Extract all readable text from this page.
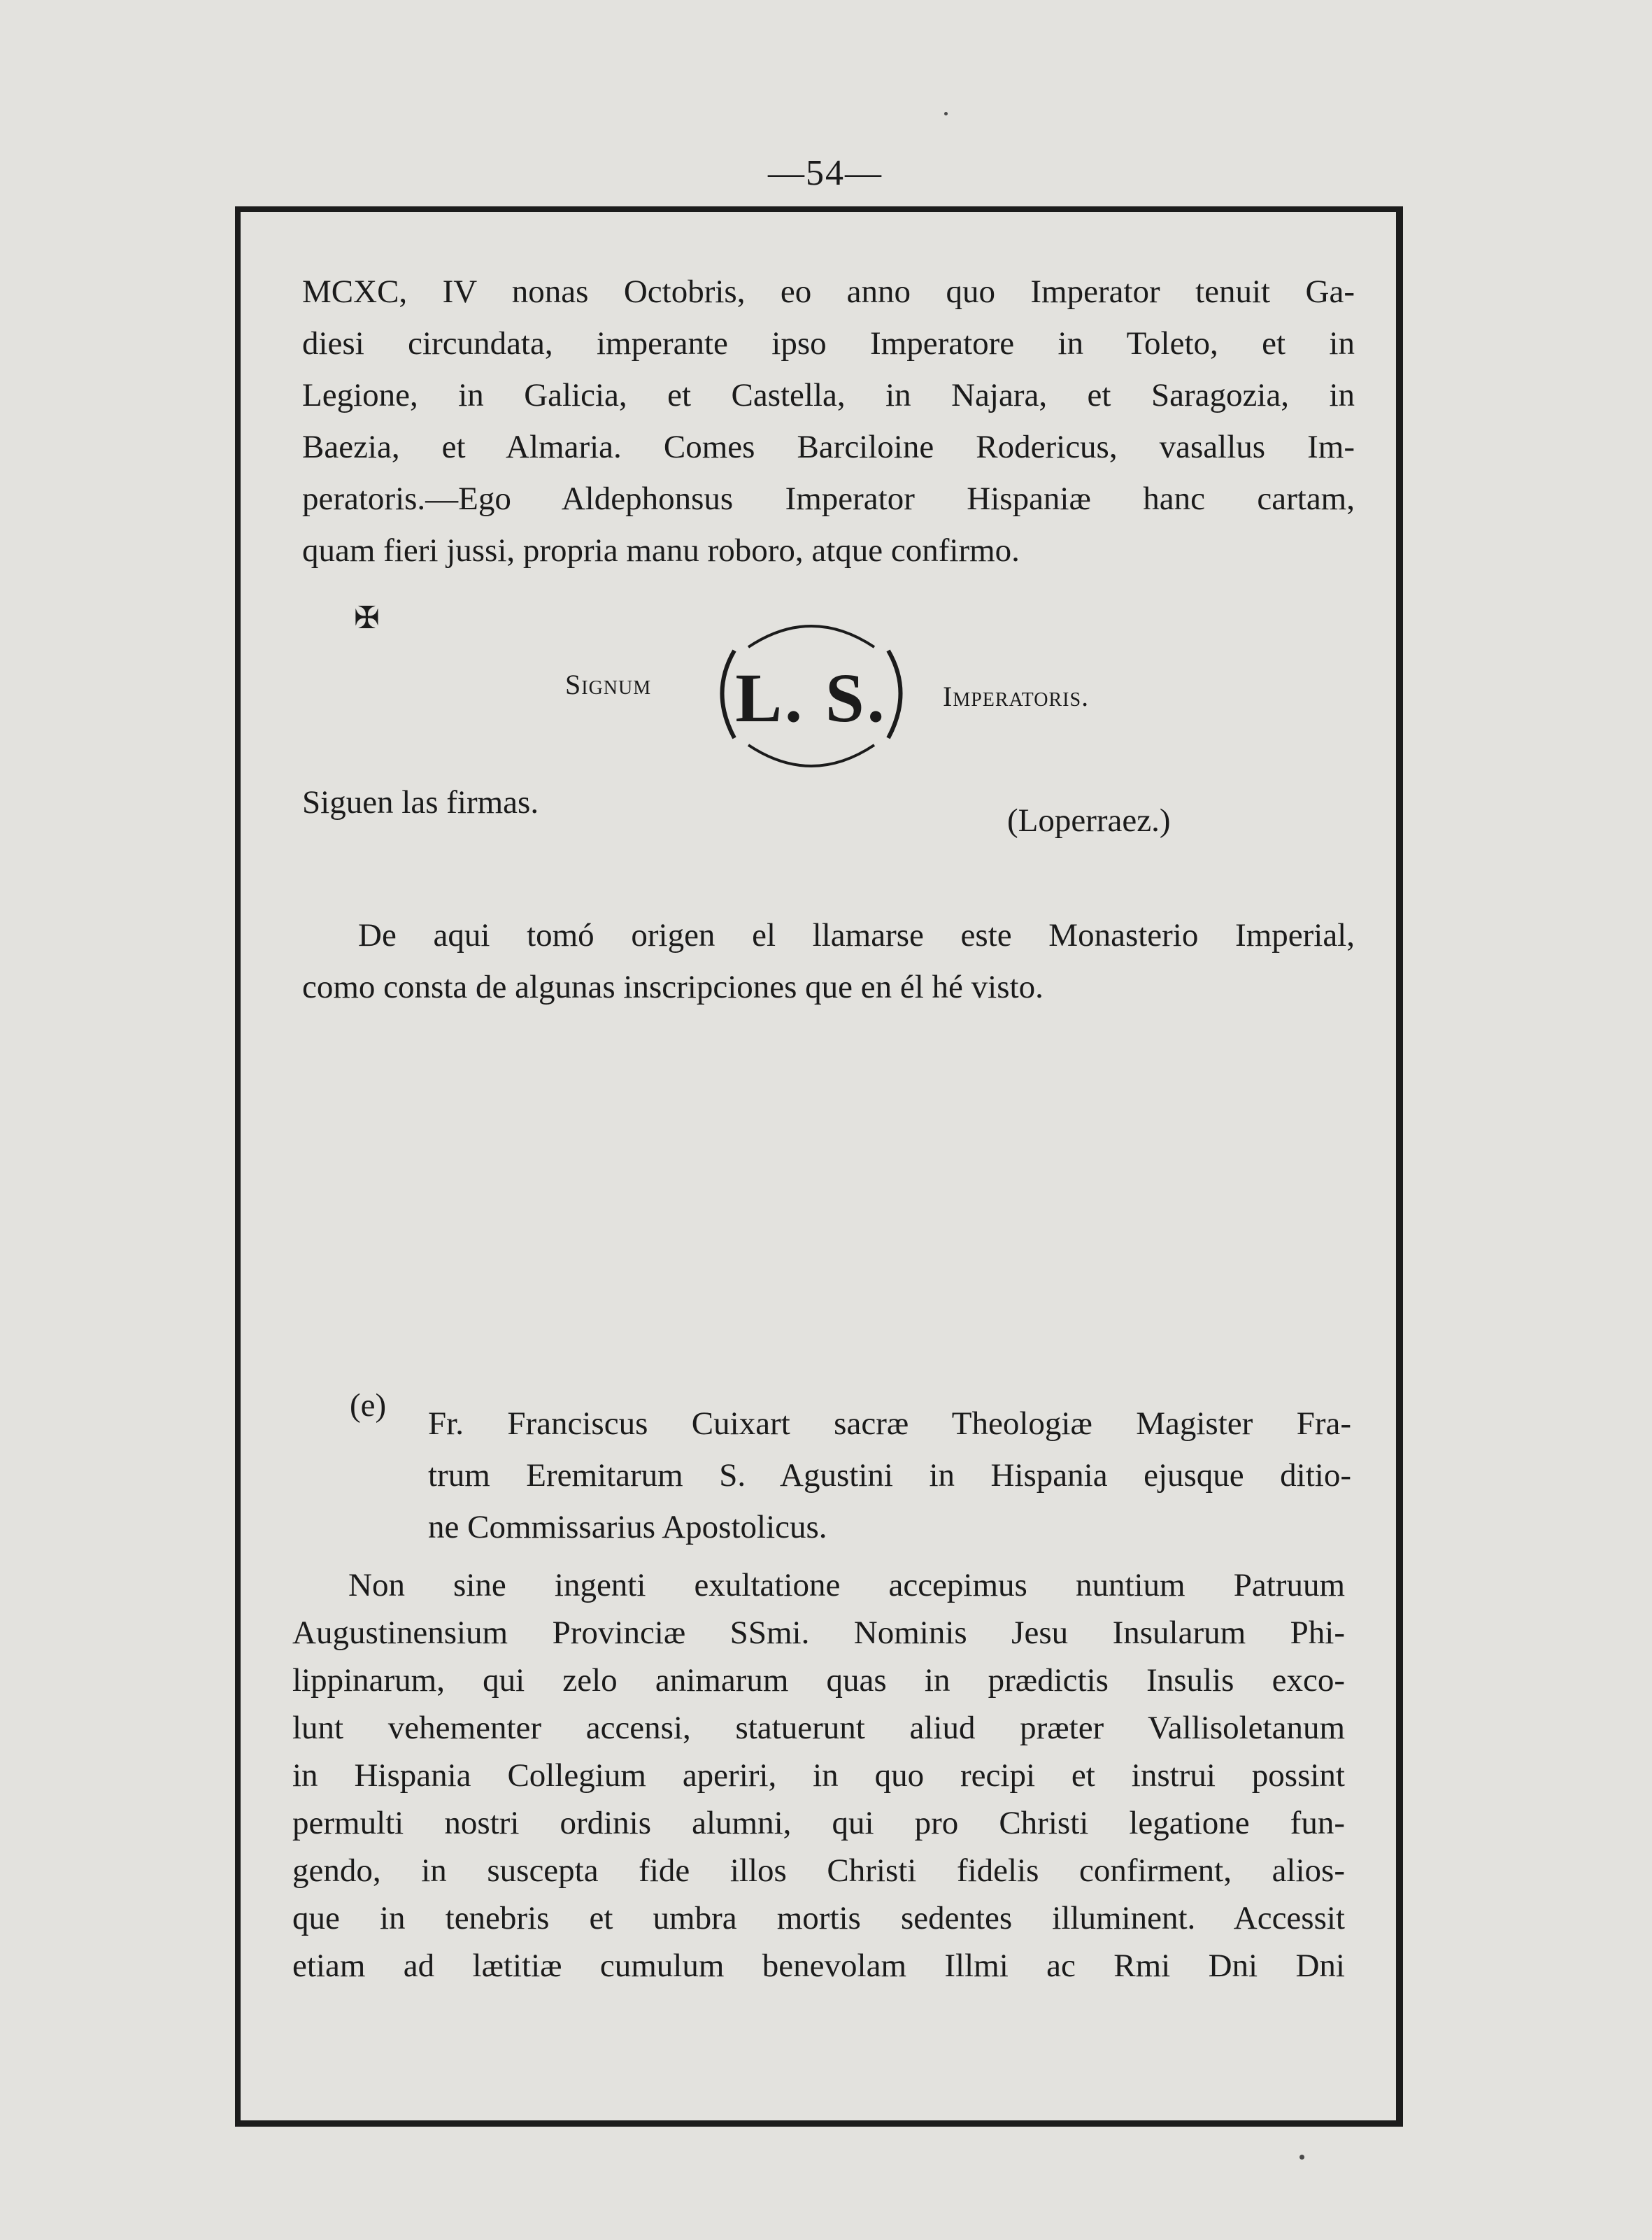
—54—
MCXC, IV nonas Octobris, eo anno quo Imperator tenuit Ga-
diesi circundata, imperante ipso Imperatore in Toleto, et in
Legione, in Galicia, et Castella, in Najara, et Saragozia, in
Baezia, et Almaria. Comes Barciloine Rodericus, vasallus Im-
peratoris.—Ego Aldephonsus Imperator Hispaniæ hanc cartam,
quam fieri jussi, propria manu roboro, atque confirmo.
✠
Signum	L. S.	Imperatoris.
Siguen las firmas.	(Loperraez.)
De aqui tomó origen el llamarse este Monasterio Imperial,
como consta de algunas inscripciones que en él hé visto.
(e) Fr. Franciscus Cuixart sacræ Theologiæ Magister Fra-
trum Eremitarum S. Agustini in Hispania ejusque ditio-
ne Commissarius Apostolicus.
Non sine ingenti exultatione accepimus nuntium Patruum
Augustinensium Provinciæ SSmi. Nominis Jesu Insularum Phi-
lippinarum, qui zelo animarum quas in prædictis Insulis exco-
lunt vehementer accensi, statuerunt aliud præter Vallisoletanum
in Hispania Collegium aperiri, in quo recipi et instrui possint
permulti nostri ordinis alumni, qui pro Christi legatione fun-
gendo, in suscepta fide illos Christi fidelis confirment, alios-
que in tenebris et umbra mortis sedentes illuminent. Accessit
etiam ad lætitiæ cumulum benevolam Illmi ac Rmi Dni Dni
